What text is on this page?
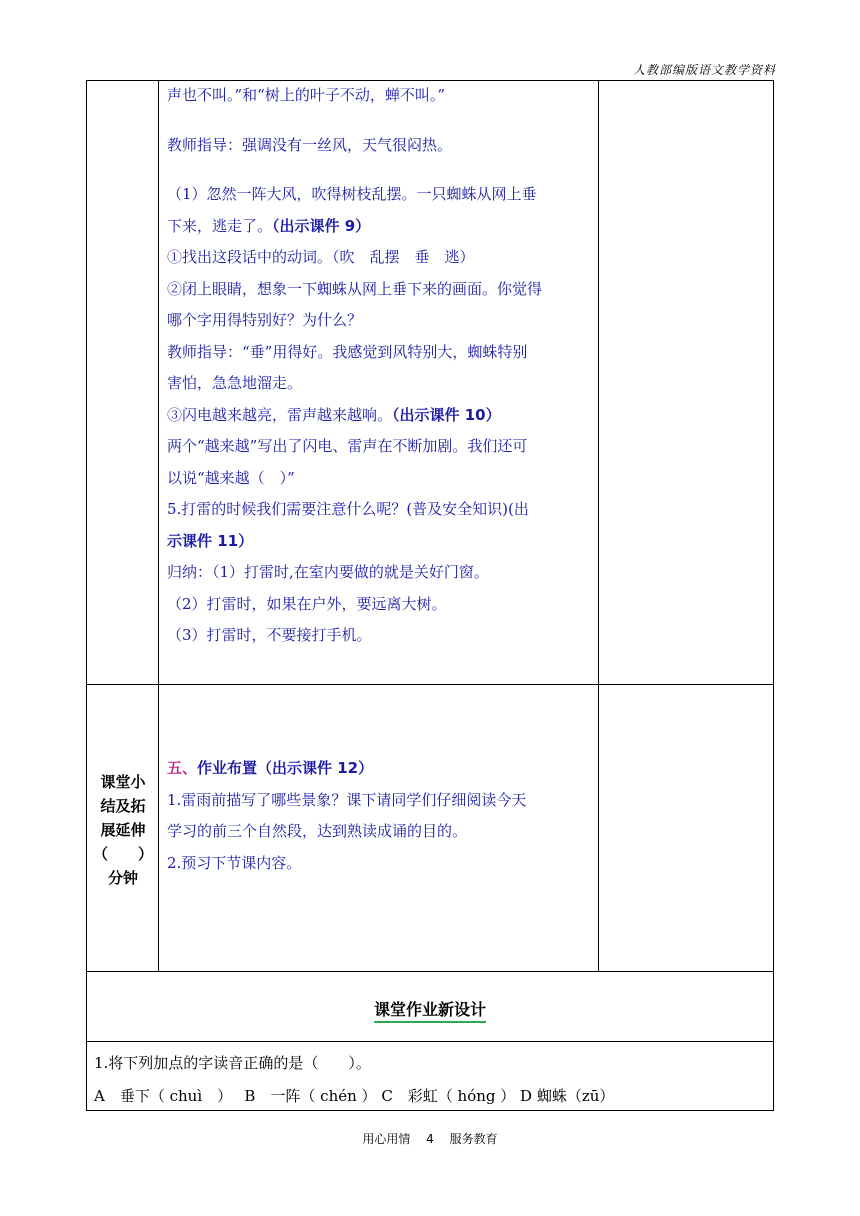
人教部编版语文教学资料
声也不叫。”和“树上的叶子不动，蝉不叫。”
教师指导：强调没有一丝风，天气很闷热。
（1）忽然一阵大风，吹得树枝乱摆。一只蜘蛛从网上垂
下来，逃走了。（出示课件 9）
①找出这段话中的动词。（吹　乱摆　垂　逃）
②闭上眼睛，想象一下蜘蛛从网上垂下来的画面。你觉得
哪个字用得特别好？为什么？
教师指导：“垂”用得好。我感觉到风特别大，蜘蛛特别
害怕，急急地溜走。
③闪电越来越亮，雷声越来越响。（出示课件 10）
两个“越来越”写出了闪电、雷声在不断加剧。我们还可
以说“越来越（　）”
5.打雷的时候我们需要注意什么呢？(普及安全知识)(出
示课件 11）
归纳：（1）打雷时,在室内要做的就是关好门窗。
（2）打雷时，如果在户外，要远离大树。
（3）打雷时，不要接打手机。
课堂小
结及拓
展延伸
（　　）
分钟
五、作业布置（出示课件 12）
1.雷雨前描写了哪些景象？课下请同学们仔细阅读今天
学习的前三个自然段，达到熟读成诵的目的。
2.预习下节课内容。
课堂作业新设计
1.将下列加点的字读音正确的是（　　）。
A　垂下（ chuì　）　 B　一阵（ chén ） C　彩虹（ hóng ） D 蜘蛛（zū）
用心用情　 4　 服务教育
